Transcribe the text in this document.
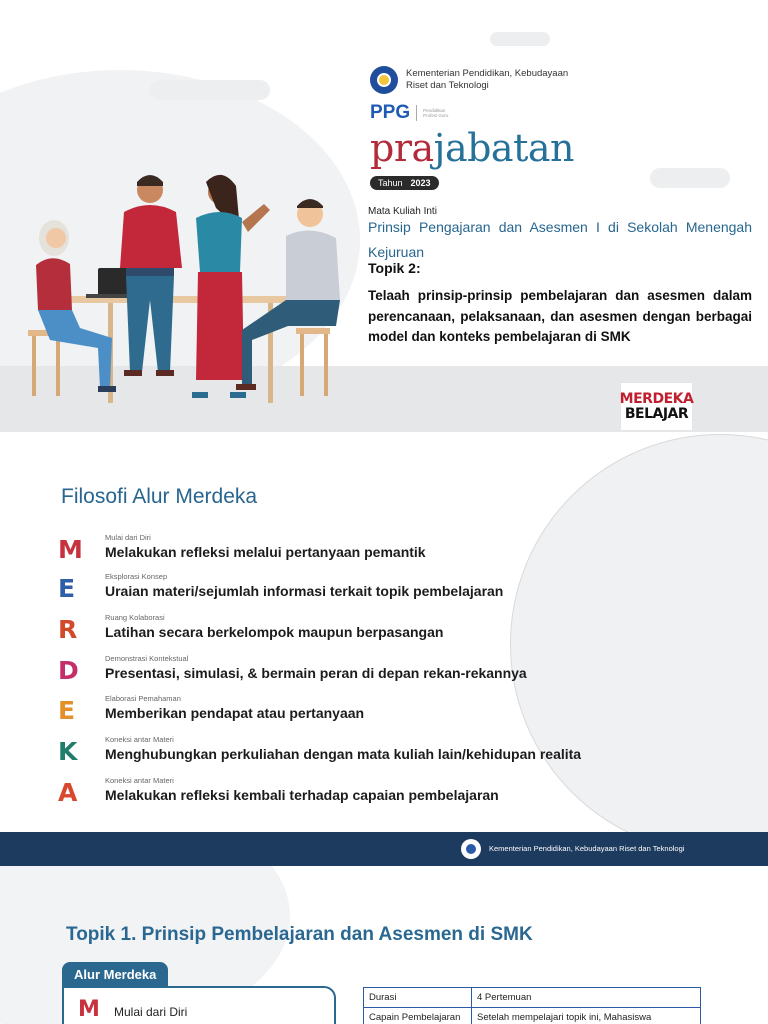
Kementerian Pendidikan, Kebudayaan Riset dan Teknologi
PPG	Pendidikan Profesi Guru
prajabatan
Tahun 2023
Mata Kuliah Inti
Prinsip Pengajaran dan Asesmen I di Sekolah Menengah Kejuruan
Topik 2:
Telaah prinsip-prinsip pembelajaran dan asesmen dalam perencanaan, pelaksanaan, dan asesmen dengan berbagai model dan konteks pembelajaran di SMK
MERDEKA
BELAJAR
Filosofi Alur Merdeka
M	Mulai dari Diri
Melakukan refleksi melalui pertanyaan pemantik
E	Eksplorasi Konsep
Uraian materi/sejumlah informasi terkait topik pembelajaran
R	Ruang Kolaborasi
Latihan secara berkelompok maupun berpasangan
D	Demonstrasi Kontekstual
Presentasi, simulasi, & bermain peran di depan rekan-rekannya
E	Elaborasi Pemahaman
Memberikan pendapat atau pertanyaan
K	Koneksi antar Materi
Menghubungkan perkuliahan dengan mata kuliah lain/kehidupan realita
A	Koneksi antar Materi
Melakukan refleksi kembali terhadap capaian pembelajaran
Kementerian Pendidikan, Kebudayaan Riset dan Teknologi
Topik 1. Prinsip Pembelajaran dan Asesmen di SMK
Alur Merdeka
M Mulai dari Diri
Durasi	4 Pertemuan
Capain Pembelajaran	Setelah mempelajari topik ini, Mahasiswa
